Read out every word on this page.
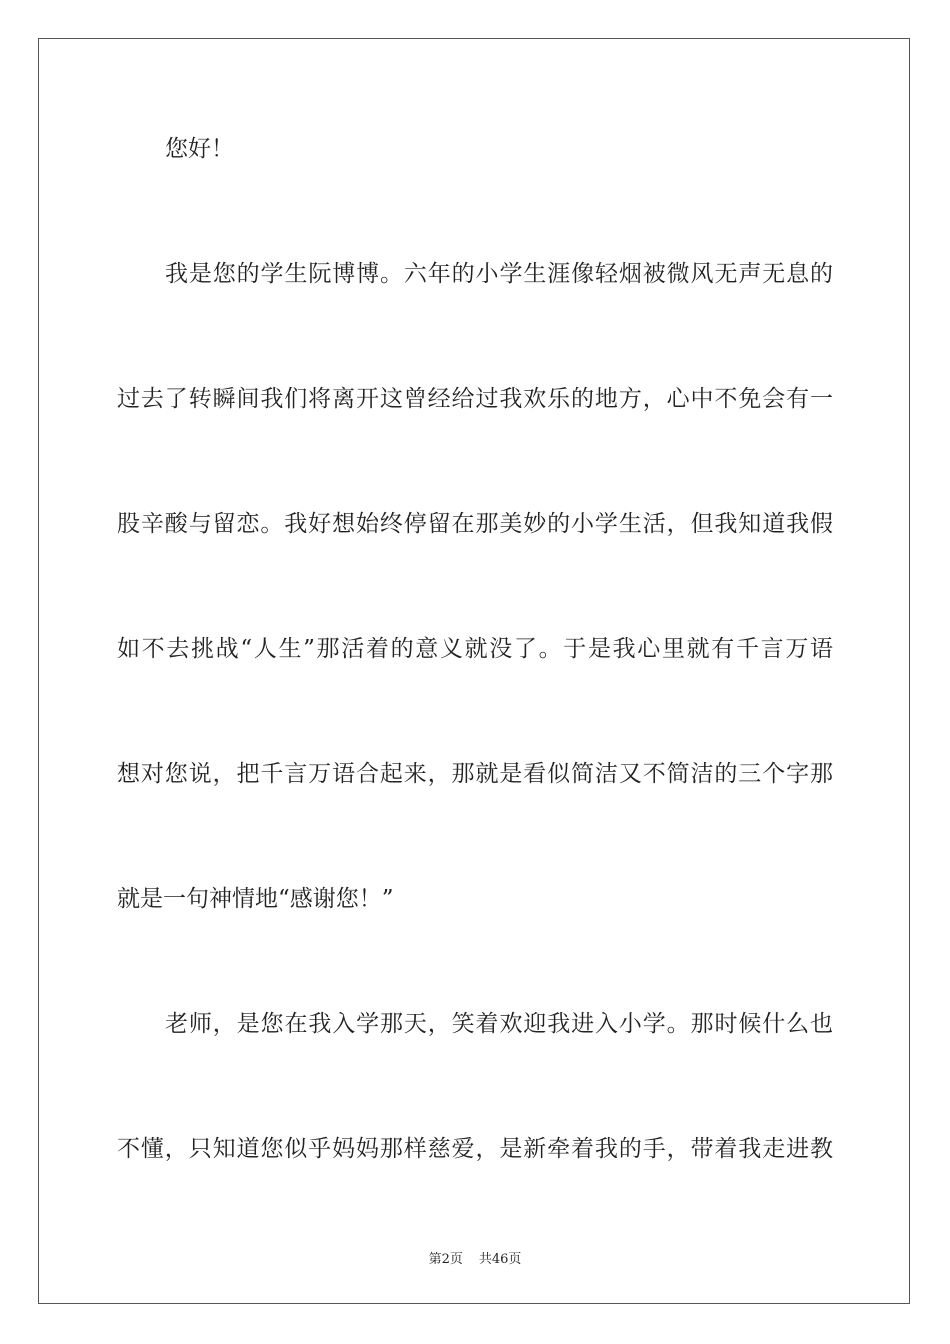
您好！
我是您的学生阮博博。六年的小学生涯像轻烟被微风无声无息的
过去了转瞬间我们将离开这曾经给过我欢乐的地方，心中不免会有一
股辛酸与留恋。我好想始终停留在那美妙的小学生活，但我知道我假
如不去挑战“人生”那活着的意义就没了。于是我心里就有千言万语
想对您说，把千言万语合起来，那就是看似简洁又不简洁的三个字那
就是一句神情地“感谢您！”
老师，是您在我入学那天，笑着欢迎我进入小学。那时候什么也
不懂，只知道您似乎妈妈那样慈爱，是新牵着我的手，带着我走进教
第2页 共46页
